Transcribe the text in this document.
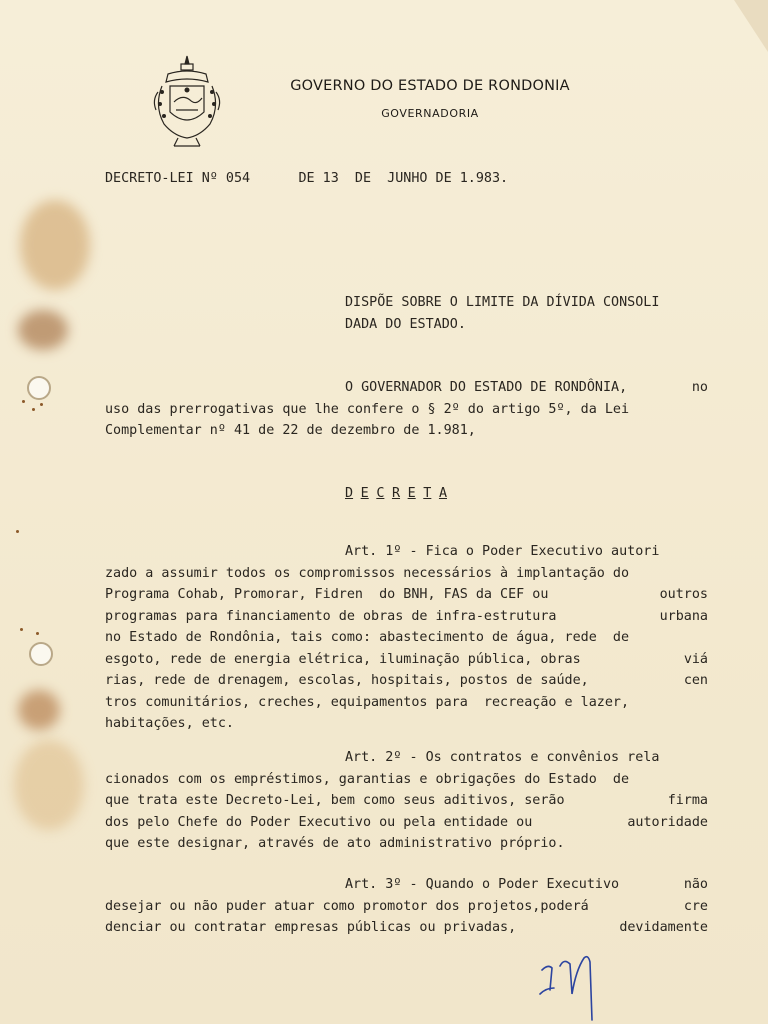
GOVERNO DO ESTADO DE RONDONIA
GOVERNADORIA
DECRETO-LEI Nº 054	DE 13  DE  JUNHO DE 1.983.
DISPÕE SOBRE O LIMITE DA DÍVIDA CONSOLI
DADA DO ESTADO.
O GOVERNADOR DO ESTADO DE RONDÔNIA,	no
uso das prerrogativas que lhe confere o § 2º do artigo 5º, da Lei
Complementar nº 41 de 22 de dezembro de 1.981,
D E C R E T A
Art. 1º - Fica o Poder Executivo autori
zado a assumir todos os compromissos necessários à implantação do
Programa Cohab, Promorar, Fidren  do BNH, FAS da CEF ou	outros
programas para financiamento de obras de infra-estrutura	urbana
no Estado de Rondônia, tais como: abastecimento de água, rede  de
esgoto, rede de energia elétrica, iluminação pública, obras	viá
rias, rede de drenagem, escolas, hospitais, postos de saúde,	cen
tros comunitários, creches, equipamentos para  recreação e lazer,
habitações, etc.
Art. 2º - Os contratos e convênios rela
cionados com os empréstimos, garantias e obrigações do Estado  de
que trata este Decreto-Lei, bem como seus aditivos, serão	firma
dos pelo Chefe do Poder Executivo ou pela entidade ou	autoridade
que este designar, através de ato administrativo próprio.
Art. 3º - Quando o Poder Executivo	não
desejar ou não puder atuar como promotor dos projetos,poderá	cre
denciar ou contratar empresas públicas ou privadas,	devidamente
